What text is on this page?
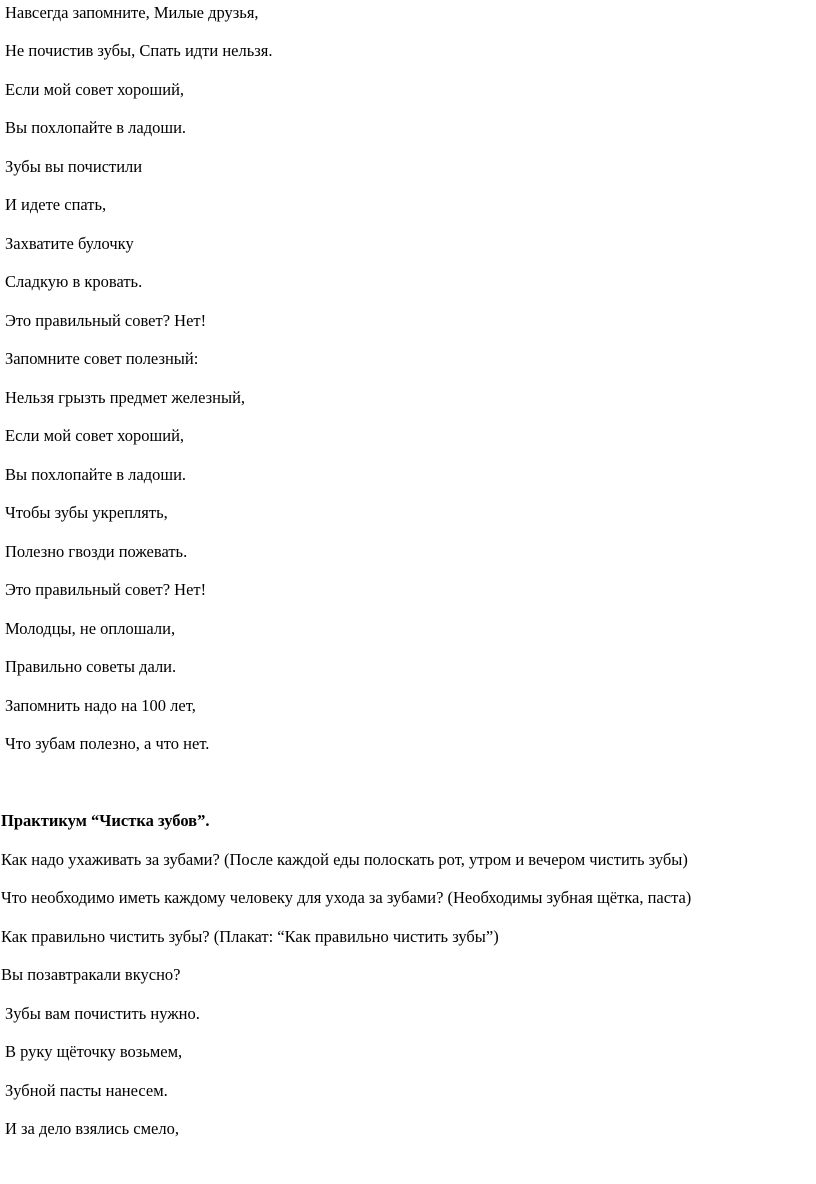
Навсегда запомните, Милые друзья,
Не почистив зубы, Спать идти нельзя.
Если мой совет хороший,
Вы похлопайте в ладоши.
Зубы вы почистили
И идете спать,
Захватите булочку
Сладкую в кровать.
Это правильный совет? Нет!
Запомните совет полезный:
Нельзя грызть предмет железный,
Если мой совет хороший,
Вы похлопайте в ладоши.
Чтобы зубы укреплять,
Полезно гвозди пожевать.
Это правильный совет? Нет!
Молодцы, не оплошали,
Правильно советы дали.
Запомнить надо на 100 лет,
Что зубам полезно, а что нет.
Практикум “Чистка зубов”.
Как надо ухаживать за зубами? (После каждой еды полоскать рот, утром и вечером чистить зубы)
Что необходимо иметь каждому человеку для ухода за зубами? (Необходимы зубная щётка, паста)
Как правильно чистить зубы? (Плакат: “Как правильно чистить зубы”)
Вы позавтракали вкусно?
Зубы вам почистить нужно.
В руку щёточку возьмем,
Зубной пасты нанесем.
И за дело взялись смело,
